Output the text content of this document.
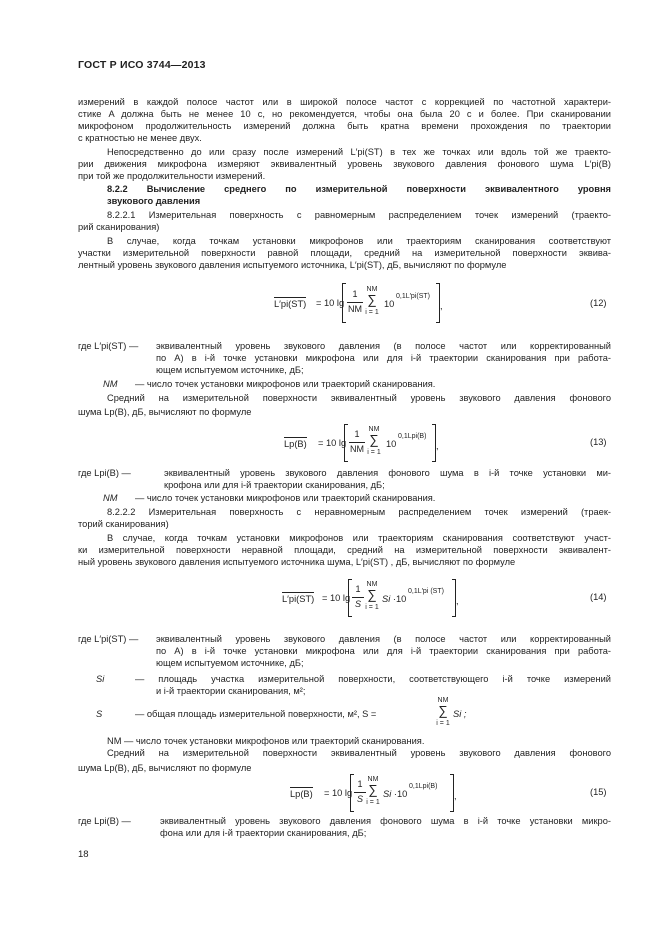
ГОСТ Р ИСО 3744—2013
измерений в каждой полосе частот или в широкой полосе частот с коррекцией по частотной характери-
стике A должна быть не менее 10 с, но рекомендуется, чтобы она была 20 с и более. При сканировании
микрофоном продолжительность измерений должна быть кратна времени прохождения по траектории
с кратностью не менее двух.
Непосредственно до или сразу после измерений L′pi(ST) в тех же точках или вдоль той же траекто-
рии движения микрофона измеряют эквивалентный уровень звукового давления фонового шума L′pi(B)
при той же продолжительности измерений.
8.2.2 Вычисление среднего по измерительной поверхности эквивалентного уровня
звукового давления
8.2.2.1 Измерительная поверхность с равномерным распределением точек измерений (траекто-
рий сканирования)
В случае, когда точкам установки микрофонов или траекториям сканирования соответствуют
участки измерительной поверхности равной площади, средний на измерительной поверхности эквива-
лентный уровень звукового давления испытуемого источника, L′pi(ST), дБ, вычисляют по формуле
L′pi(ST) = 10 lg
1
NM
NM
∑
i = 1
10
0,1L′pi(ST)
,	(12)
где L′pi(ST) — эквивалентный уровень звукового давления (в полосе частот или корректированный
по A) в i-й точке установки микрофона или для i-й траектории сканирования при работа-
ющем испытуемом источнике, дБ;
NM — число точек установки микрофонов или траекторий сканирования.
Средний на измерительной поверхности эквивалентный уровень звукового давления фонового
шума Lp(B), дБ, вычисляют по формуле
Lp(B) = 10 lg
1
NM
NM
∑
i = 1
10
0,1Lpi(B)
,	(13)
где Lpi(B) —	эквивалентный уровень звукового давления фонового шума в i-й точке установки ми-
крофона или для i-й траектории сканирования, дБ;
NM — число точек установки микрофонов или траекторий сканирования.
8.2.2.2 Измерительная поверхность с неравномерным распределением точек измерений (траек-
торий сканирования)
В случае, когда точкам установки микрофонов или траекториям сканирования соответствуют участ-
ки измерительной поверхности неравной площади, средний на измерительной поверхности эквивалент-
ный уровень звукового давления испытуемого источника шума, L′pi(ST) , дБ, вычисляют по формуле
L′pi(ST) = 10 lg
1
S
NM
∑
i = 1
Si · 10
0,1L′pi (ST)
,	(14)
где L′pi(ST) — эквивалентный уровень звукового давления (в полосе частот или корректированный
по A) в i-й точке установки микрофона или для i-й траектории сканирования при работа-
ющем испытуемом источнике, дБ;
Si	— площадь участка измерительной поверхности, соответствующего i-й точке измерений
и i-й траектории сканирования, м²;
S	— общая площадь измерительной поверхности, м², S =
NM
∑
i = 1
Si ;
NM — число точек установки микрофонов или траекторий сканирования.
Средний на измерительной поверхности эквивалентный уровень звукового давления фонового
шума Lp(B), дБ, вычисляют по формуле
Lp(B) = 10 lg
1
S
NM
∑
i = 1
Si · 10
0,1Lpi(B)
,	(15)
где Lpi(B) —	эквивалентный уровень звукового давления фонового шума в i-й точке установки микро-
фона или для i-й траектории сканирования, дБ;
18
